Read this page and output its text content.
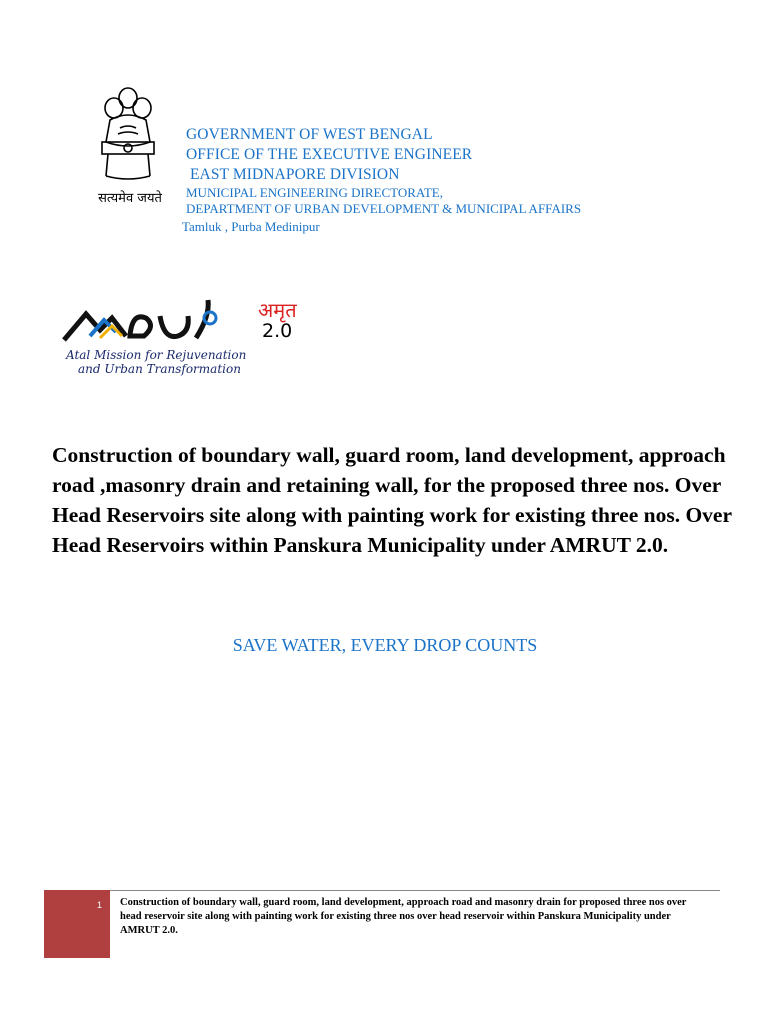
सत्यमेव जयते
GOVERNMENT OF WEST BENGAL
OFFICE OF THE EXECUTIVE ENGINEER
EAST MIDNAPORE DIVISION
MUNICIPAL ENGINEERING DIRECTORATE,
DEPARTMENT OF URBAN DEVELOPMENT & MUNICIPAL AFFAIRS
Tamluk , Purba Medinipur
अमृत
2.0
Atal Mission for Rejuvenation
and Urban Transformation
Construction of boundary wall, guard room, land development, approach road ,masonry drain and retaining wall, for the proposed three nos. Over Head Reservoirs site along with painting work for existing three nos. Over Head Reservoirs within Panskura Municipality under AMRUT 2.0.
SAVE WATER, EVERY DROP COUNTS
1	Construction of boundary wall, guard room, land development, approach road and masonry drain for proposed three nos over head reservoir site along with painting work for existing three nos over head reservoir within Panskura Municipality under AMRUT 2.0.
